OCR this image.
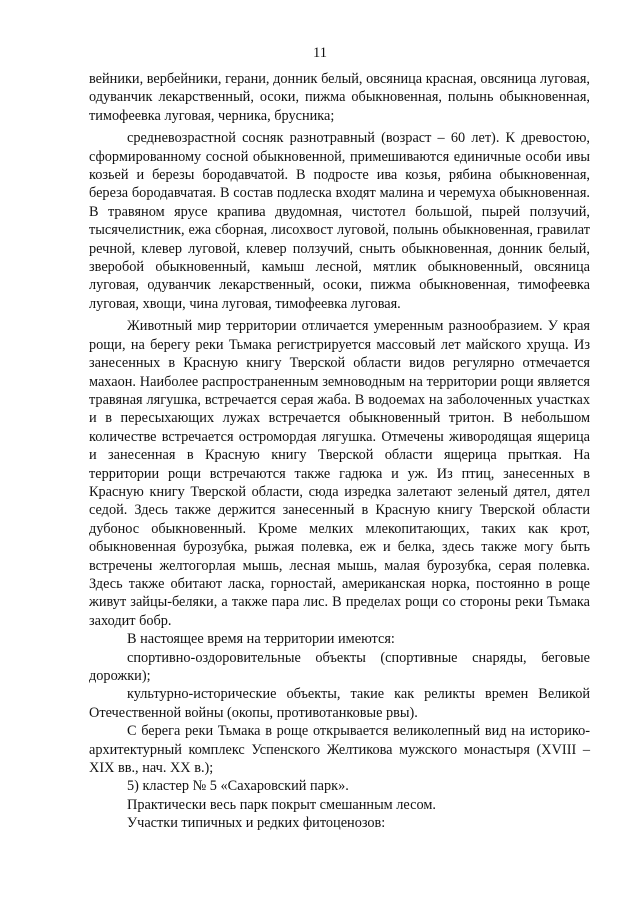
11

вейники, вербейники, герани, донник белый, овсяница красная, овсяница луговая, одуванчик лекарственный, осоки, пижма обыкновенная, полынь обыкновенная, тимофеевка луговая, черника, брусника;

средневозрастной сосняк разнотравный (возраст – 60 лет). К древостою, сформированному сосной обыкновенной, примешиваются единичные особи ивы козьей и березы бородавчатой. В подросте ива козья, рябина обыкновенная, береза бородавчатая. В состав подлеска входят малина и черемуха обыкновенная. В травяном ярусе крапива двудомная, чистотел большой, пырей ползучий, тысячелистник, ежа сборная, лисохвост луговой, полынь обыкновенная, гравилат речной, клевер луговой, клевер ползучий, сныть обыкновенная, донник белый, зверобой обыкновенный, камыш лесной, мятлик обыкновенный, овсяница луговая, одуванчик лекарственный, осоки, пижма обыкновенная, тимофеевка луговая, хвощи, чина луговая, тимофеевка луговая.

Животный мир территории отличается умеренным разнообразием. У края рощи, на берегу реки Тьмака регистрируется массовый лет майского хруща. Из занесенных в Красную книгу Тверской области видов регулярно отмечается махаон. Наиболее распространенным земноводным на территории рощи является травяная лягушка, встречается серая жаба. В водоемах на заболоченных участках и в пересыхающих лужах встречается обыкновенный тритон. В небольшом количестве встречается остромордая лягушка. Отмечены живородящая ящерица и занесенная в Красную книгу Тверской области ящерица прыткая. На территории рощи встречаются также гадюка и уж. Из птиц, занесенных в Красную книгу Тверской области, сюда изредка залетают зеленый дятел, дятел седой. Здесь также держится занесенный в Красную книгу Тверской области дубонос обыкновенный. Кроме мелких млекопитающих, таких как крот, обыкновенная бурозубка, рыжая полевка, еж и белка, здесь также могу быть встречены желтогорлая мышь, лесная мышь, малая бурозубка, серая полевка. Здесь также обитают ласка, горностай, американская норка, постоянно в роще живут зайцы-беляки, а также пара лис. В пределах рощи со стороны реки Тьмака заходит бобр.

В настоящее время на территории имеются:

спортивно-оздоровительные объекты (спортивные снаряды, беговые дорожки);

культурно-исторические объекты, такие как реликты времен Великой Отечественной войны (окопы, противотанковые рвы).

С берега реки Тьмака в роще открывается великолепный вид на историко-архитектурный комплекс Успенского Желтикова мужского монастыря (XVIII – XIX вв., нач. XX в.);

5) кластер № 5 «Сахаровский парк».

Практически весь парк покрыт смешанным лесом.

Участки типичных и редких фитоценозов:
